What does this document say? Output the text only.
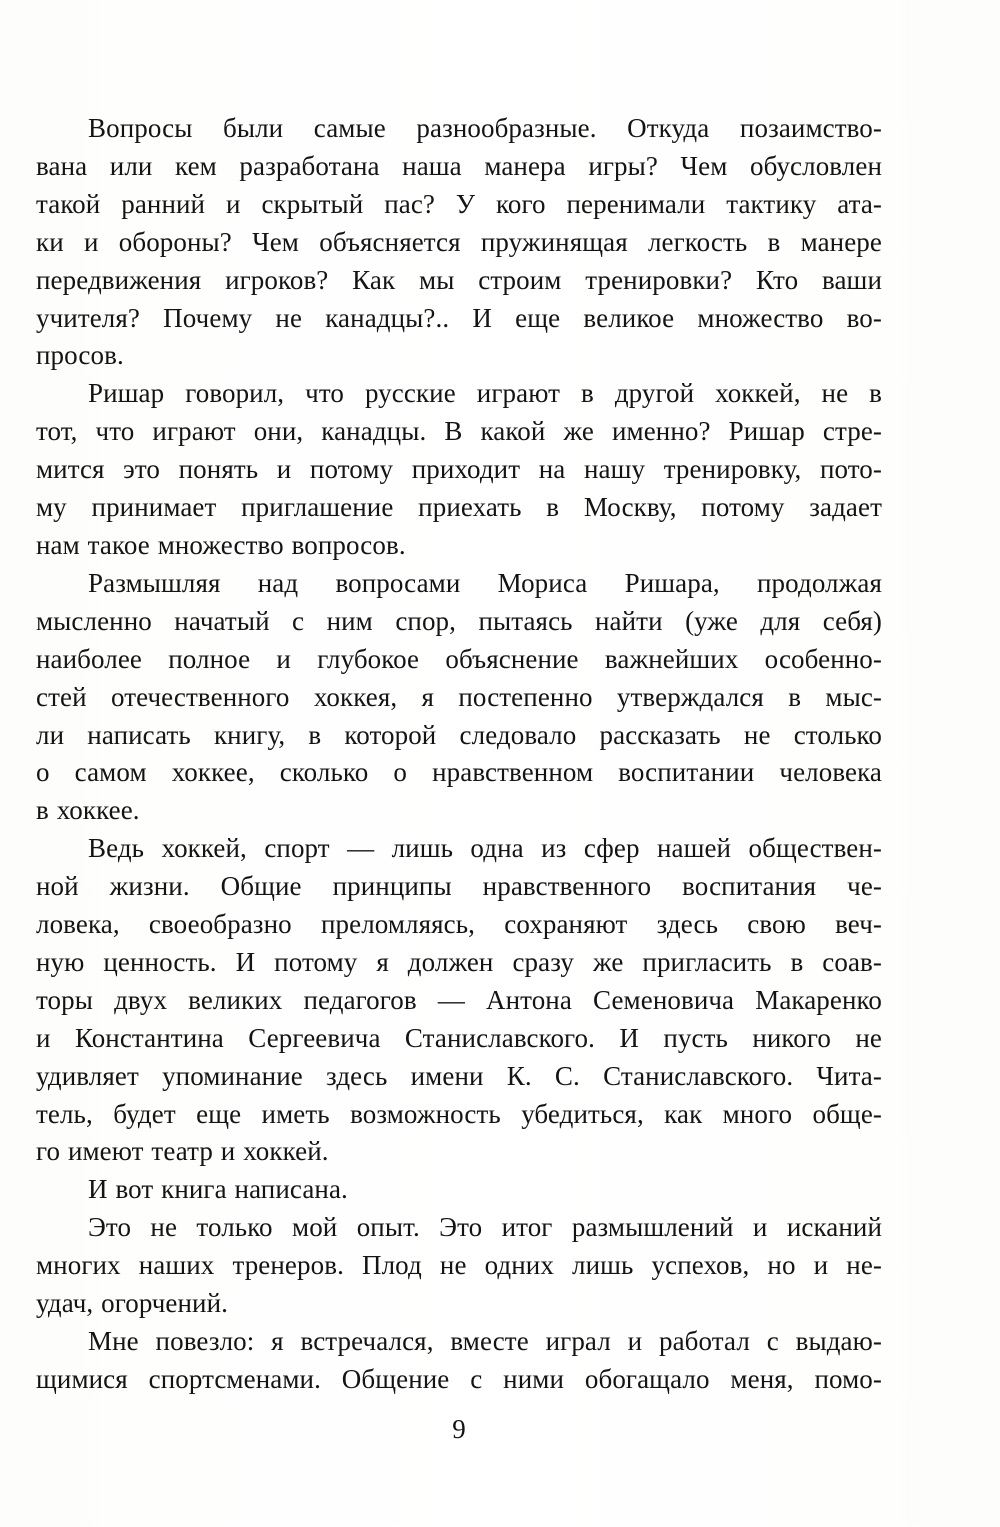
Вопросы были самые разнообразные. Откуда позаимство-
вана или кем разработана наша манера игры? Чем обусловлен
такой ранний и скрытый пас? У кого перенимали тактику ата-
ки и обороны? Чем объясняется пружинящая легкость в манере
передвижения игроков? Как мы строим тренировки? Кто ваши
учителя? Почему не канадцы?.. И еще великое множество во-
просов.
Ришар говорил, что русские играют в другой хоккей, не в
тот, что играют они, канадцы. В какой же именно? Ришар стре-
мится это понять и потому приходит на нашу тренировку, пото-
му принимает приглашение приехать в Москву, потому задает
нам такое множество вопросов.
Размышляя над вопросами Мориса Ришара, продолжая
мысленно начатый с ним спор, пытаясь найти (уже для себя)
наиболее полное и глубокое объяснение важнейших особенно-
стей отечественного хоккея, я постепенно утверждался в мыс-
ли написать книгу, в которой следовало рассказать не столько
о самом хоккее, сколько о нравственном воспитании человека
в хоккее.
Ведь хоккей, спорт — лишь одна из сфер нашей обществен-
ной жизни. Общие принципы нравственного воспитания че-
ловека, своеобразно преломляясь, сохраняют здесь свою веч-
ную ценность. И потому я должен сразу же пригласить в соав-
торы двух великих педагогов — Антона Семеновича Макаренко
и Константина Сергеевича Станиславского. И пусть никого не
удивляет упоминание здесь имени К. С. Станиславского. Чита-
тель, будет еще иметь возможность убедиться, как много обще-
го имеют театр и хоккей.
И вот книга написана.
Это не только мой опыт. Это итог размышлений и исканий
многих наших тренеров. Плод не одних лишь успехов, но и не-
удач, огорчений.
Мне повезло: я встречался, вместе играл и работал с выдаю-
щимися спортсменами. Общение с ними обогащало меня, помо-
9
